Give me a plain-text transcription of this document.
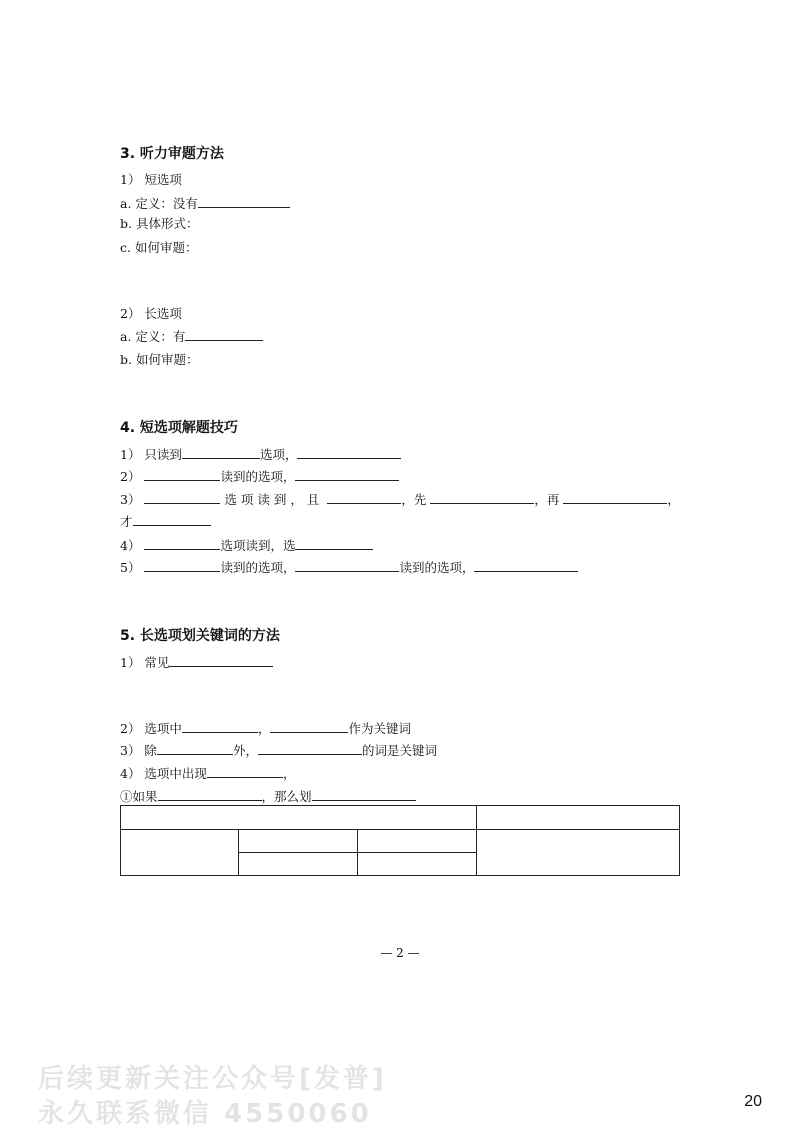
3. 听力审题方法
1） 短选项
a. 定义：没有
b. 具体形式：
c. 如何审题：
2） 长选项
a. 定义：有
b. 如何审题：
4. 短选项解题技巧
1） 只读到	选项，
2）	读到的选项，
3）	选项读到，且	，先	，再	，
才
4）	选项读到，选
5）	读到的选项，	读到的选项，
5. 长选项划关键词的方法
1） 常见
2） 选项中	，	作为关键词
3） 除	外，	的词是关键词
4） 选项中出现	，
①如果	，那么划
— 2 —
后续更新关注公众号[发普]
永久联系微信 4550060	20
